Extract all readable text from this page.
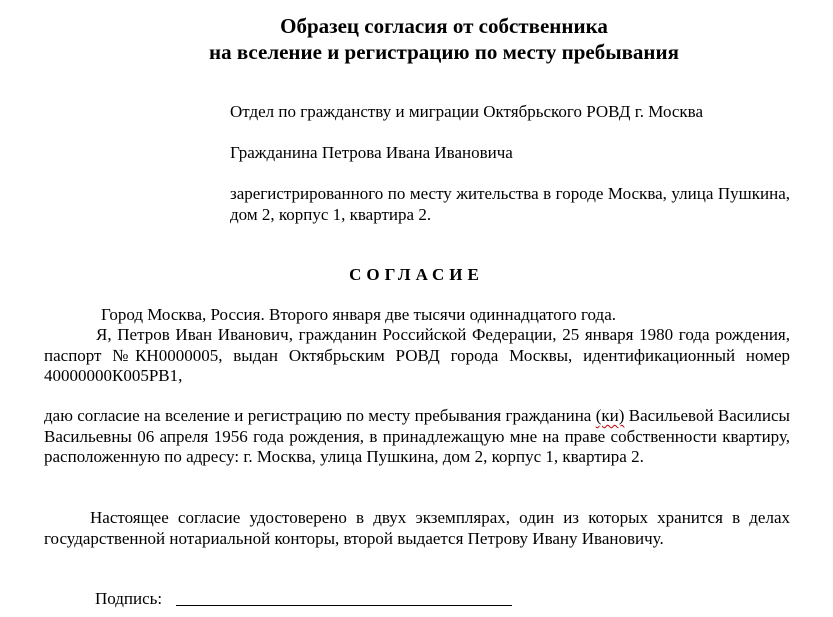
Образец согласия от собственника
на вселение и регистрацию по месту пребывания
Отдел по гражданству и миграции Октябрьского РОВД г. Москва
Гражданина Петрова Ивана Ивановича
зарегистрированного по месту жительства в городе Москва, улица Пушкина, дом 2, корпус 1, квартира 2.
СОГЛАСИЕ
Город Москва, Россия. Второго января две тысячи одиннадцатого года.
Я, Петров Иван Иванович, гражданин Российской Федерации, 25 января 1980 года рождения, паспорт №КН0000005, выдан Октябрьским РОВД города Москвы, идентификационный номер 40000000К005РВ1,
даю согласие на вселение и регистрацию по месту пребывания гражданина (ки) Васильевой Василисы Васильевны 06 апреля 1956 года рождения, в принадлежащую мне на праве собственности квартиру, расположенную по адресу: г. Москва, улица Пушкина, дом 2, корпус 1, квартира 2.
Настоящее согласие удостоверено в двух экземплярах, один из которых хранится в делах государственной нотариальной конторы, второй выдается Петрову Ивану Ивановичу.
Подпись:
